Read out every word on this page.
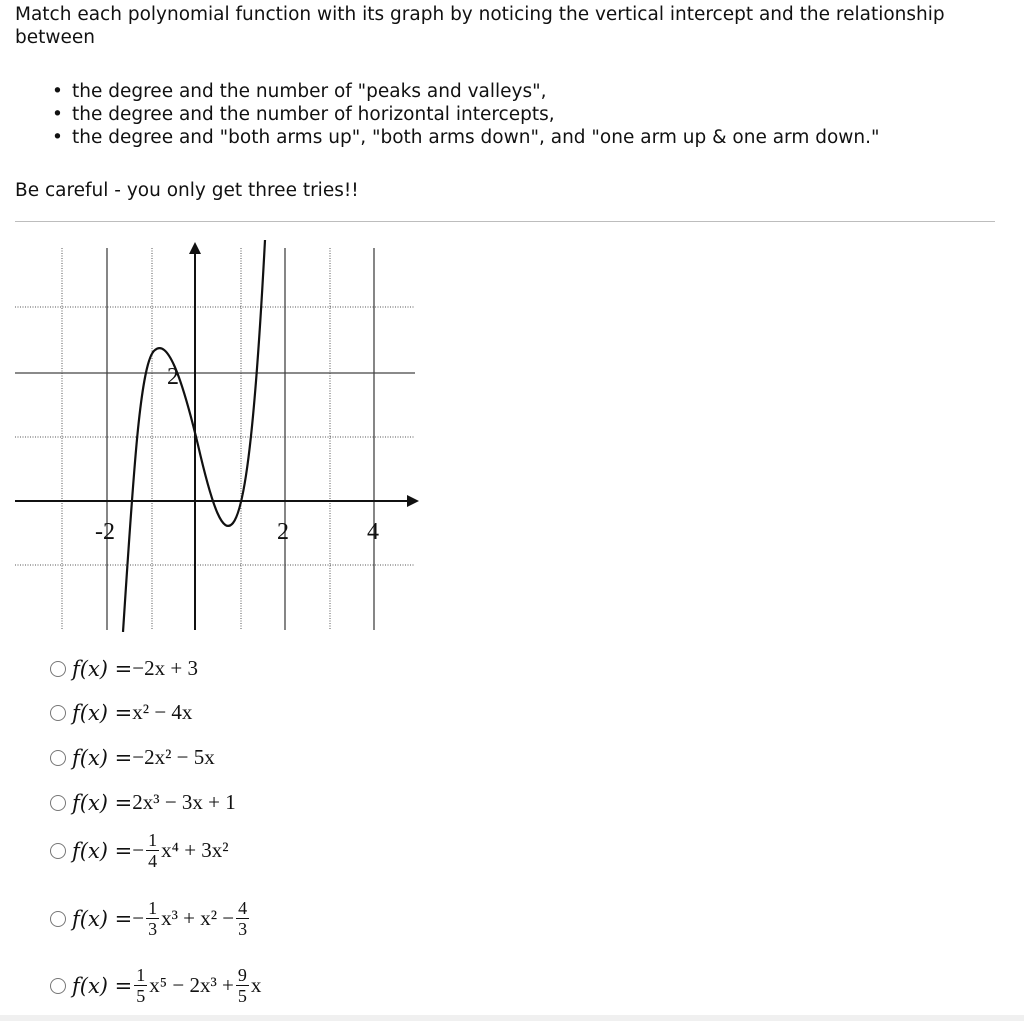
Match each polynomial function with its graph by noticing the vertical intercept and the relationship between
• the degree and the number of "peaks and valleys",
• the degree and the number of horizontal intercepts,
• the degree and "both arms up", "both arms down", and "one arm up & one arm down."
Be careful - you only get three tries!!
-2	2	4
2
f(x) = −2x + 3
f(x) = x² − 4x
f(x) = −2x² − 5x
f(x) = 2x³ − 3x + 1
f(x) = − $\frac{1}{4} x^4 + 3x^2$
f(x) = − $\frac{1}{3} x^3 + x^2 - \frac{4}{3}$
$f(x) = \frac{1}{5} x^5 - 2x^3 + \frac{9}{5}$ x
